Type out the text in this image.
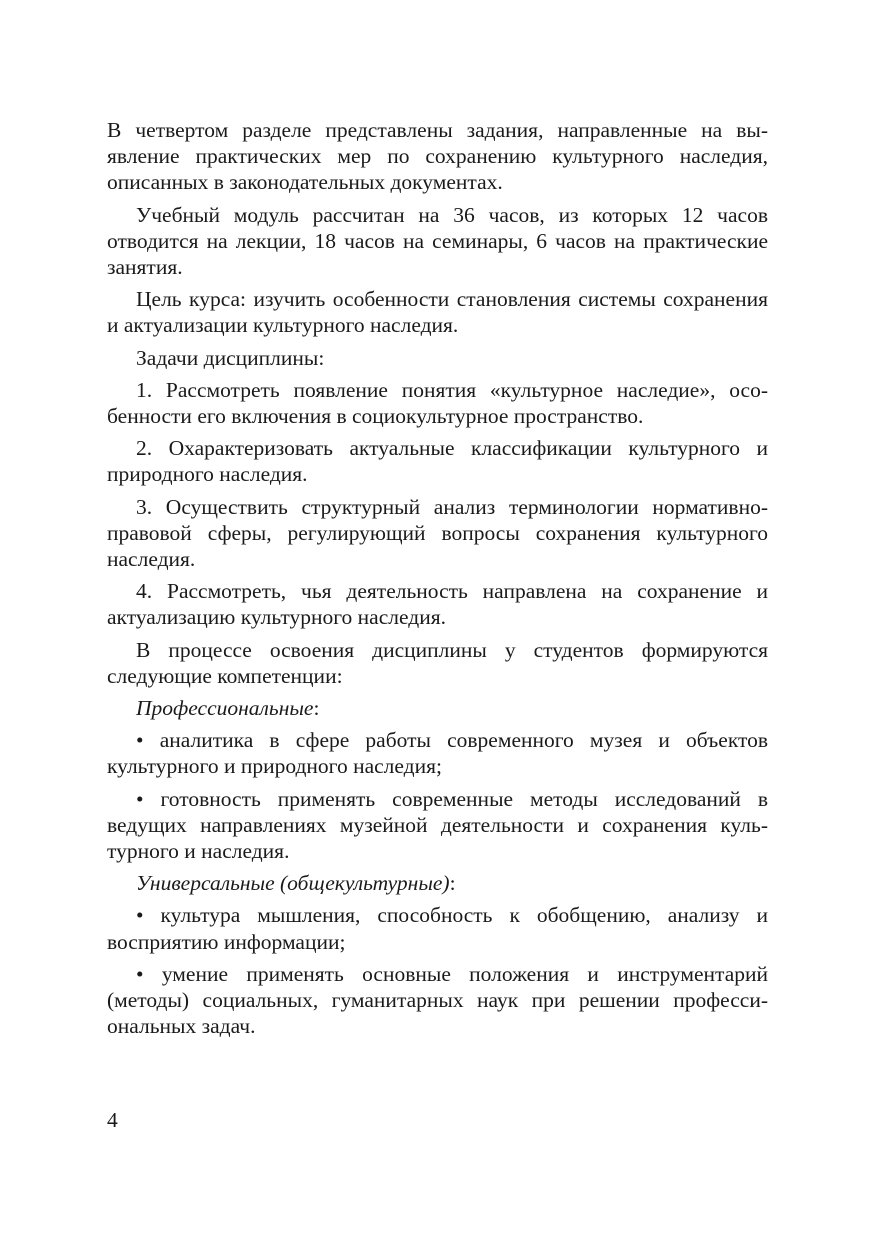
В четвертом разделе представлены задания, направленные на выявление практических мер по сохранению культурного наследия, описанных в законодательных документах.

Учебный модуль рассчитан на 36 часов, из которых 12 часов отводится на лекции, 18 часов на семинары, 6 часов на практические занятия.

Цель курса: изучить особенности становления системы сохранения и актуализации культурного наследия.

Задачи дисциплины:

1. Рассмотреть появление понятия «культурное наследие», особенности его включения в социокультурное пространство.

2. Охарактеризовать актуальные классификации культурного и природного наследия.

3. Осуществить структурный анализ терминологии нормативно-правовой сферы, регулирующий вопросы сохранения культурного наследия.

4. Рассмотреть, чья деятельность направлена на сохранение и актуализацию культурного наследия.

В процессе освоения дисциплины у студентов формируются следующие компетенции:

Профессиональные:

• аналитика в сфере работы современного музея и объектов культурного и природного наследия;

• готовность применять современные методы исследований в ведущих направлениях музейной деятельности и сохранения культурного и наследия.

Универсальные (общекультурные):

• культура мышления, способность к обобщению, анализу и восприятию информации;

• умение применять основные положения и инструментарий (методы) социальных, гуманитарных наук при решении профессиональных задач.

4
